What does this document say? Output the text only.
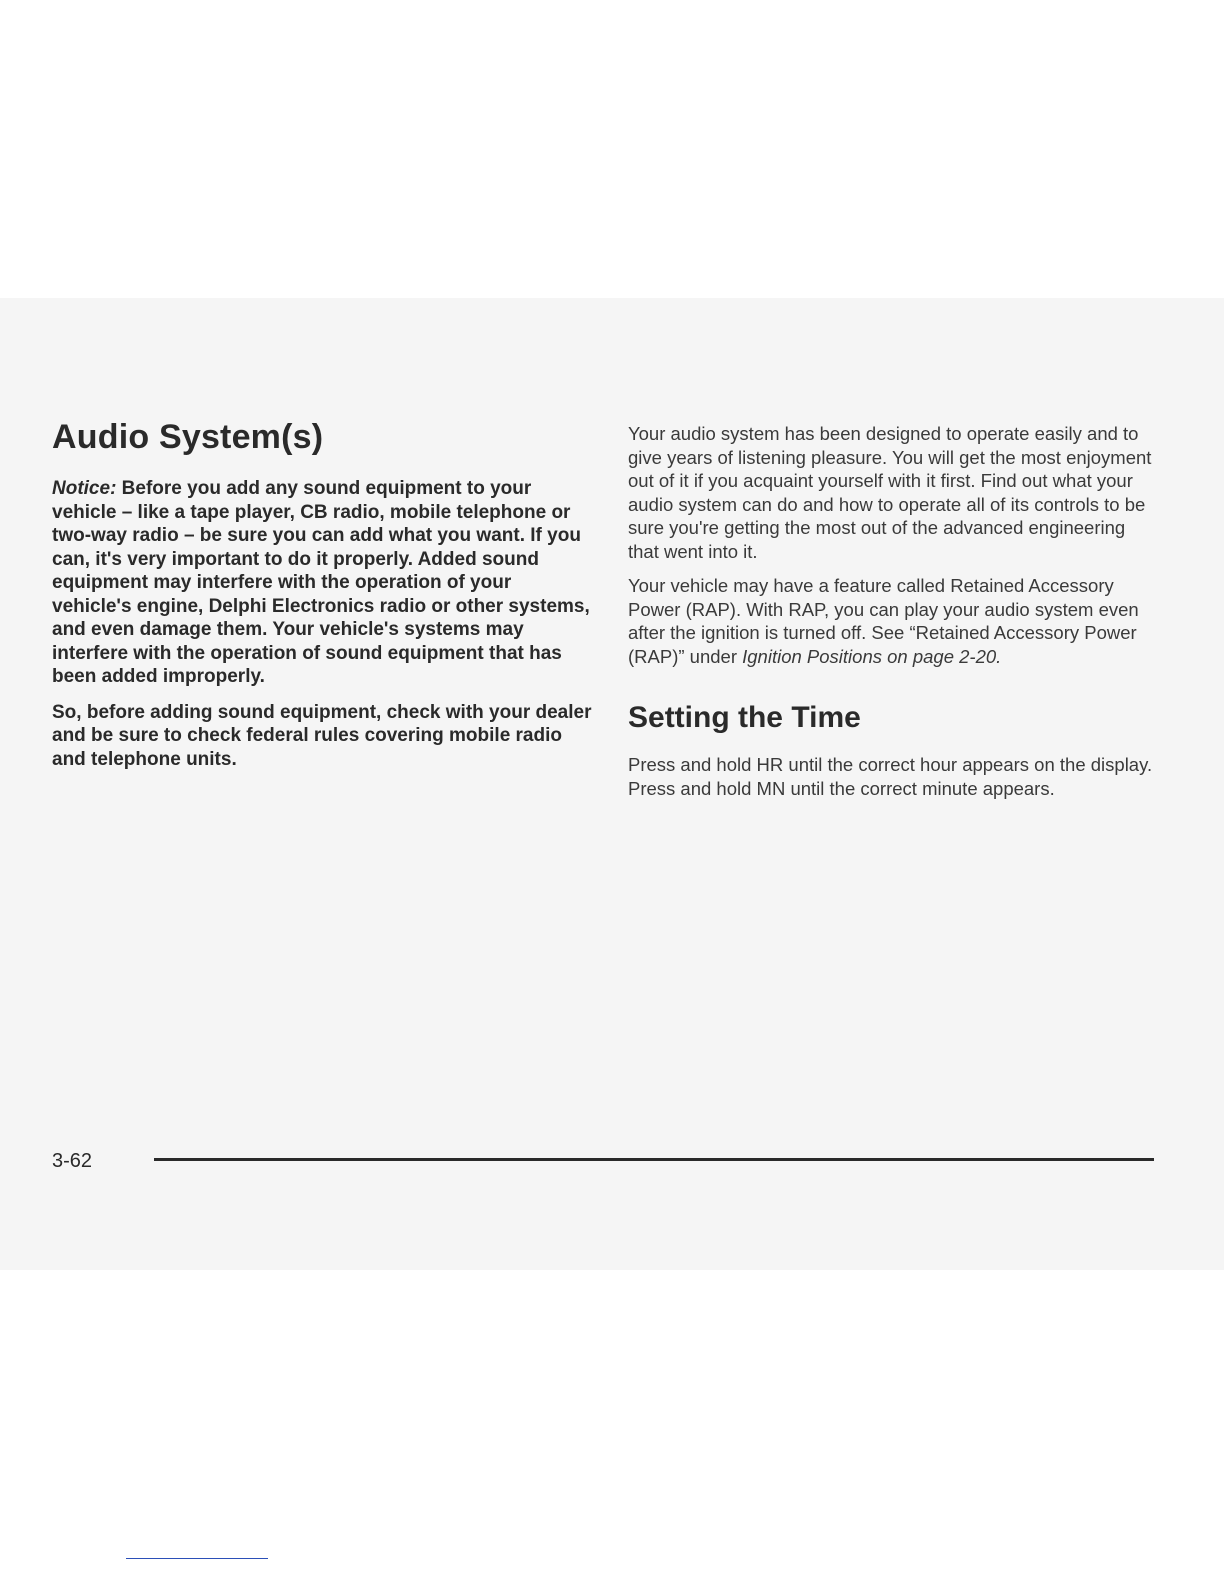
Audio System(s)

Notice: Before you add any sound equipment to your vehicle – like a tape player, CB radio, mobile telephone or two-way radio – be sure you can add what you want. If you can, it's very important to do it properly. Added sound equipment may interfere with the operation of your vehicle's engine, Delphi Electronics radio or other systems, and even damage them. Your vehicle's systems may interfere with the operation of sound equipment that has been added improperly.

So, before adding sound equipment, check with your dealer and be sure to check federal rules covering mobile radio and telephone units.

Your audio system has been designed to operate easily and to give years of listening pleasure. You will get the most enjoyment out of it if you acquaint yourself with it first. Find out what your audio system can do and how to operate all of its controls to be sure you're getting the most out of the advanced engineering that went into it.

Your vehicle may have a feature called Retained Accessory Power (RAP). With RAP, you can play your audio system even after the ignition is turned off. See “Retained Accessory Power (RAP)” under Ignition Positions on page 2-20.

Setting the Time

Press and hold HR until the correct hour appears on the display. Press and hold MN until the correct minute appears.

3-62
